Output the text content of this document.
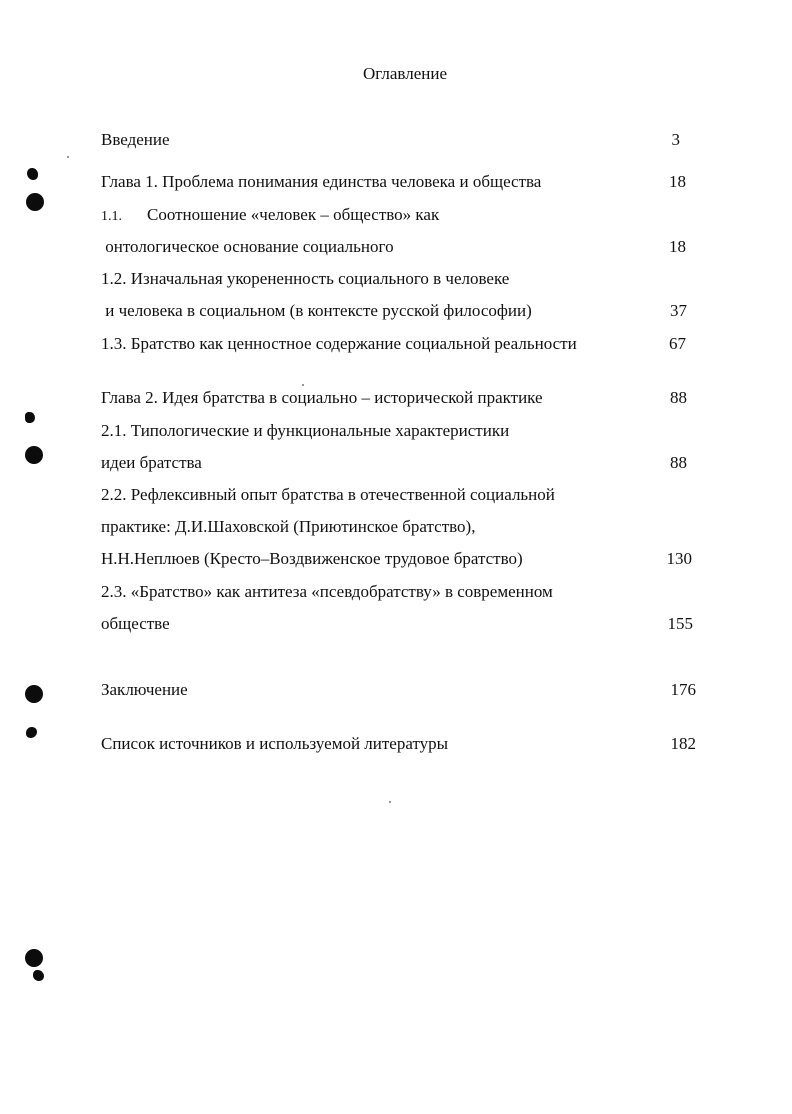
Оглавление
Введение	3
Глава 1. Проблема понимания единства человека и общества	18
1.1. Соотношение «человек – общество» как
онтологическое основание социального	18
1.2. Изначальная укорененность социального в человеке
и человека в социальном (в контексте русской философии)	37
1.3. Братство как ценностное содержание социальной реальности	67
Глава 2. Идея братства в социально – исторической практике	88
2.1. Типологические и функциональные характеристики
идеи братства	88
2.2. Рефлексивный опыт братства в отечественной социальной
практике: Д.И.Шаховской (Приютинское братство),
Н.Н.Неплюев (Кресто–Воздвиженское трудовое братство)	130
2.3. «Братство» как антитеза «псевдобратству» в современном
обществе	155
Заключение	176
Список источников и используемой литературы	182
